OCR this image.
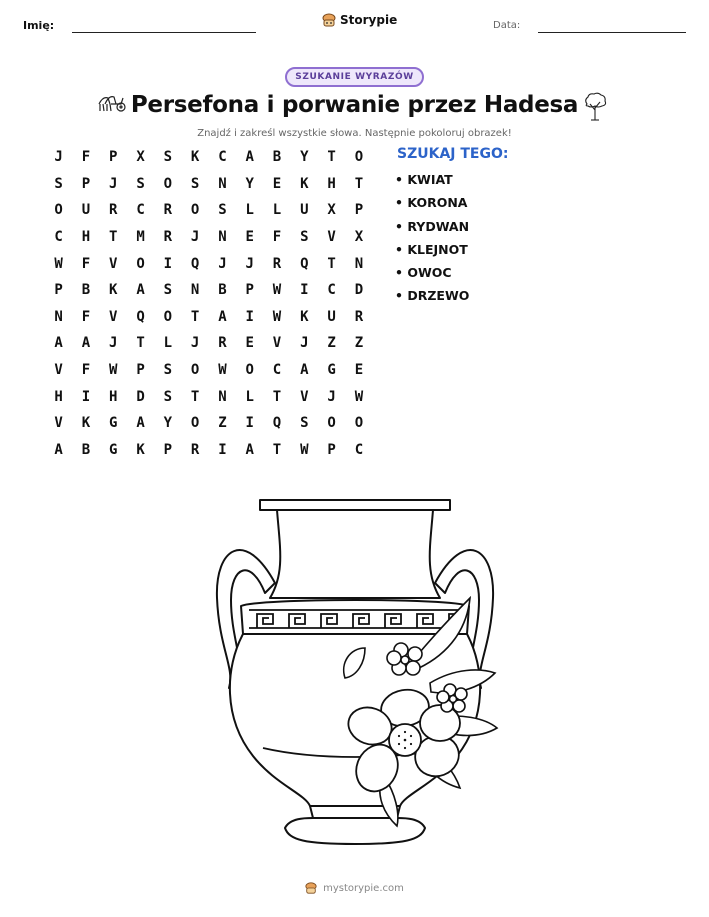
Imię:	Storypie	Data:
SZUKANIE WYRAZÓW
Persefona i porwanie przez Hadesa
Znajdź i zakreśl wszystkie słowa. Następnie pokoloruj obrazek!
J	F	P	X	S	K	C	A	B	Y	T	O
S	P	J	S	O	S	N	Y	E	K	H	T
O	U	R	C	R	O	S	L	L	U	X	P
C	H	T	M	R	J	N	E	F	S	V	X
W	F	V	O	I	Q	J	J	R	Q	T	N
P	B	K	A	S	N	B	P	W	I	C	D
N	F	V	Q	O	T	A	I	W	K	U	R
A	A	J	T	L	J	R	E	V	J	Z	Z
V	F	W	P	S	O	W	O	C	A	G	E
H	I	H	D	S	T	N	L	T	V	J	W
V	K	G	A	Y	O	Z	I	Q	S	O	O
A	B	G	K	P	R	I	A	T	W	P	C
SZUKAJ TEGO:
• KWIAT
• KORONA
• RYDWAN
• KLEJNOT
• OWOC
• DRZEWO
mystorypie.com
